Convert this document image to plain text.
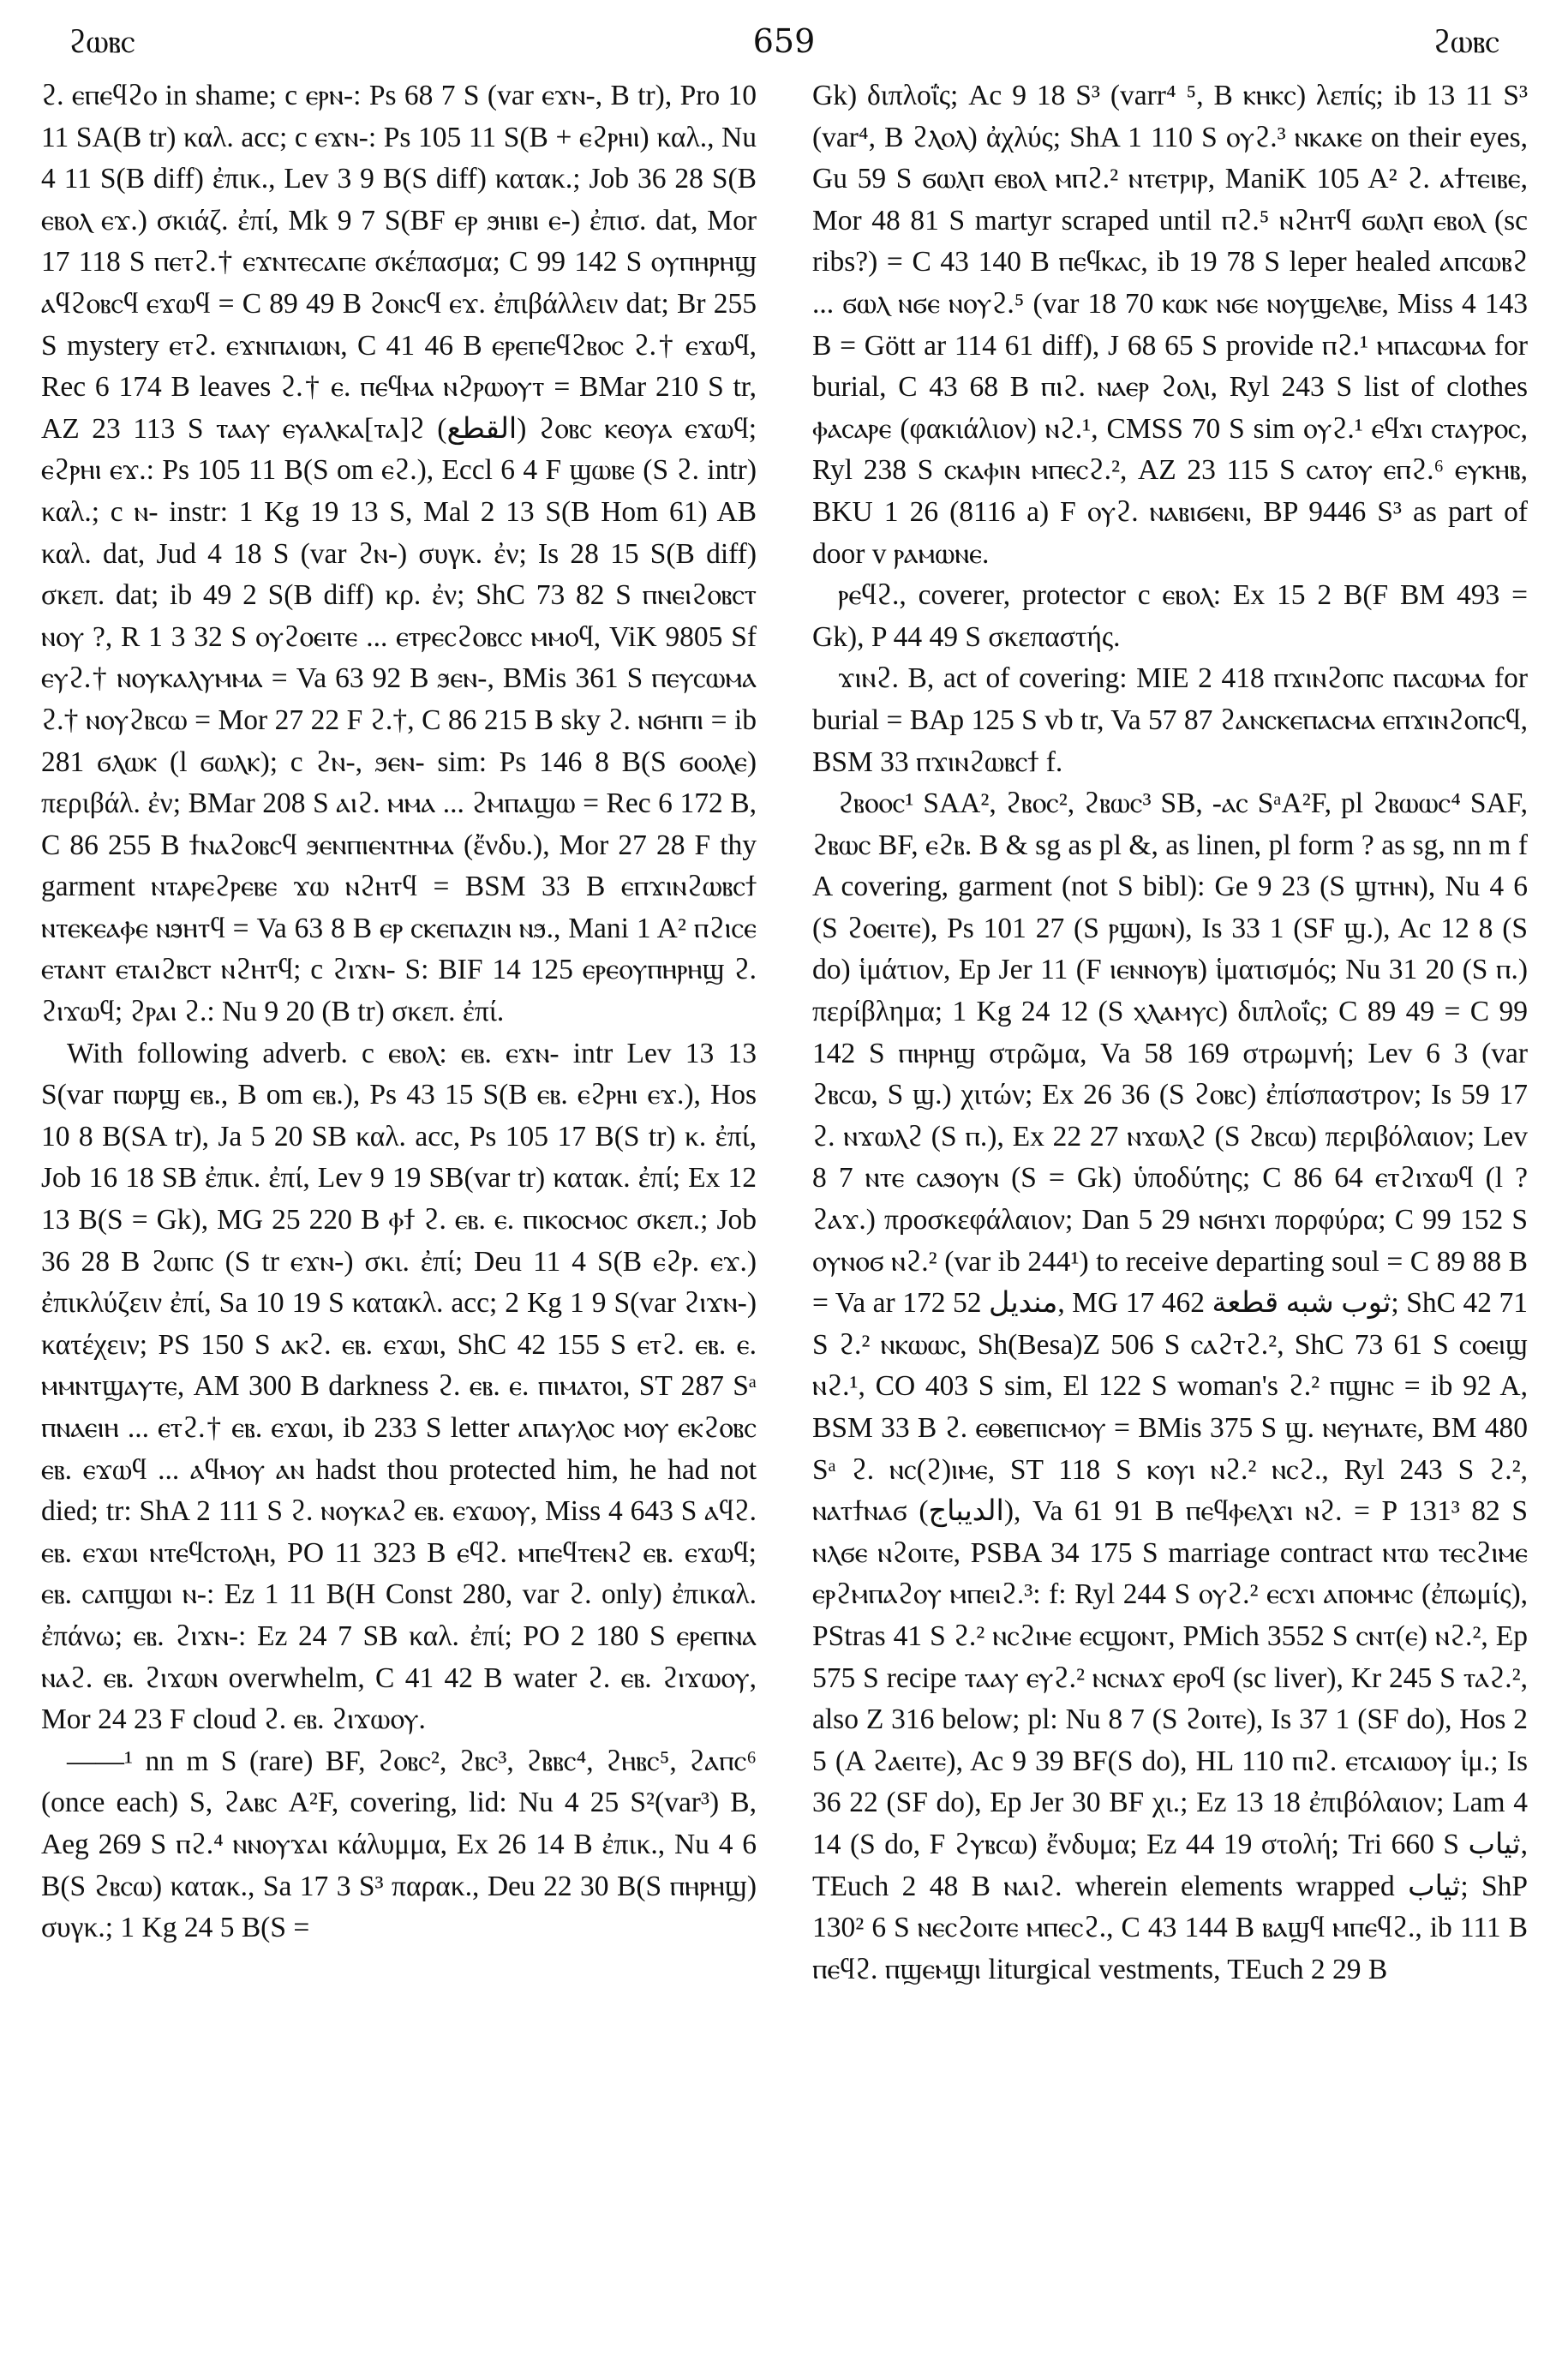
ϩⲱⲃⲥ	659	ϩⲱⲃⲥ

ϩ. ⲉⲡⲉϥϩⲟ in shame; c ⲉⲣⲛ-: Ps 68 7 S (var ⲉϫⲛ-, B tr), Pro 10 11 SA(B tr) καλ. acc; c ⲉϫⲛ-: Ps 105 11 S(B + ⲉϩⲣⲏⲓ) καλ., Nu 4 11 S(B diff) ἐπικ., Lev 3 9 B(S diff) κατακ.; Job 36 28 S(B ⲉⲃⲟⲗ ⲉϫ.) σκιάζ. ἐπί, Mk 9 7 S(BF ⲉⲣ ϧⲏⲓⲃⲓ ⲉ-) ἐπισ. dat, Mor 17 118 S ⲡⲉⲧϩ.† ⲉϫⲛⲧⲉⲥⲁⲡⲉ σκέπασμα; C 99 142 S ⲟⲩⲡⲏⲣⲏϣ ⲁϥϩⲟⲃⲥϥ ⲉϫⲱϥ = C 89 49 B ϩⲟⲛⲥϥ ⲉϫ. ἐπιβάλλειν dat; Br 255 S mystery ⲉⲧϩ. ⲉϫⲛⲡⲁⲓⲱⲛ, C 41 46 B ⲉⲣⲉⲡⲉϥϩⲃⲟⲥ ϩ.† ⲉϫⲱϥ, Rec 6 174 B leaves ϩ.† ⲉ. ⲡⲉϥⲙⲁ ⲛϩⲣⲱⲟⲩⲧ = BMar 210 S tr, AZ 23 113 S ⲧⲁⲁⲩ ⲉⲩⲁⲗⲕⲁ[ⲧⲁ]ϩ (القطع) ϩⲟⲃⲥ ⲕⲉⲟⲩⲁ ⲉϫⲱϥ; ⲉϩⲣⲏⲓ ⲉϫ.: Ps 105 11 B(S om ⲉϩ.), Eccl 6 4 F ϣⲱⲃⲉ (S ϩ. intr) καλ.; c ⲛ- instr: 1 Kg 19 13 S, Mal 2 13 S(B Hom 61) AB καλ. dat, Jud 4 18 S (var ϩⲛ-) συγκ. ἐν; Is 28 15 S(B diff) σκεπ. dat; ib 49 2 S(B diff) κρ. ἐν; ShC 73 82 S ⲡⲛⲉⲓϩⲟⲃⲥⲧ ⲛⲟⲩ ?, R 1 3 32 S ⲟⲩϩⲟⲉⲓⲧⲉ ... ⲉⲧⲣⲉⲥϩⲟⲃⲥⲥ ⲙⲙⲟϥ, ViK 9805 Sf ⲉⲩϩ.† ⲛⲟⲩⲕⲁⲗⲩⲙⲙⲁ = Va 63 92 B ϧⲉⲛ-, BMis 361 S ⲡⲉⲩⲥⲱⲙⲁ ϩ.† ⲛⲟⲩϩⲃⲥⲱ = Mor 27 22 F ϩ.†, C 86 215 B sky ϩ. ⲛϭⲏⲡⲓ = ib 281 ϭⲗⲱⲕ (l ϭⲱⲗⲕ); c ϩⲛ-, ϧⲉⲛ- sim: Ps 146 8 B(S ϭⲟⲟⲗⲉ) περιβάλ. ἐν; BMar 208 S ⲁⲓϩ. ⲙⲙⲁ ... ϩⲙⲡⲁϣⲱ = Rec 6 172 B, C 86 255 B ϯⲛⲁϩⲟⲃⲥϥ ϧⲉⲛⲡⲓⲉⲛⲧⲏⲙⲁ (ἔνδυ.), Mor 27 28 F thy garment ⲛⲧⲁⲣⲉϩⲣⲉⲃⲉ ϫⲱ ⲛϩⲏⲧϥ = BSM 33 B ⲉⲡϫⲓⲛϩⲱⲃⲥϯ ⲛⲧⲉⲕⲉⲁⲫⲉ ⲛϧⲏⲧϥ = Va 63 8 B ⲉⲣ ⲥⲕⲉⲡⲁⲍⲓⲛ ⲛϧ., Mani 1 A² ⲡϩⲓⲥⲉ ⲉⲧⲁⲛⲧ ⲉⲧⲁⲓϩⲃⲥⲧ ⲛϩⲏⲧϥ; c ϩⲓϫⲛ- S: BIF 14 125 ⲉⲣⲉⲟⲩⲡⲏⲣⲏϣ ϩ. ϩⲓϫⲱϥ; ϩⲣⲁⲓ ϩ.: Nu 9 20 (B tr) σκεπ. ἐπί.

With following adverb. c ⲉⲃⲟⲗ: ⲉⲃ. ⲉϫⲛ- intr Lev 13 13 S(var ⲡⲱⲣϣ ⲉⲃ., B om ⲉⲃ.), Ps 43 15 S(B ⲉⲃ. ⲉϩⲣⲏⲓ ⲉϫ.), Hos 10 8 B(SA tr), Ja 5 20 SB καλ. acc, Ps 105 17 B(S tr) κ. ἐπί, Job 16 18 SB ἐπικ. ἐπί, Lev 9 19 SB(var tr) κατακ. ἐπί; Ex 12 13 B(S = Gk), MG 25 220 B ⲫϯ ϩ. ⲉⲃ. ⲉ. ⲡⲓⲕⲟⲥⲙⲟⲥ σκεπ.; Job 36 28 B ϩⲱⲡⲥ (S tr ⲉϫⲛ-) σκι. ἐπί; Deu 11 4 S(B ⲉϩⲣ. ⲉϫ.) ἐπικλύζειν ἐπί, Sa 10 19 S κατακλ. acc; 2 Kg 1 9 S(var ϩⲓϫⲛ-) κατέχειν; PS 150 S ⲁⲕϩ. ⲉⲃ. ⲉϫⲱⲓ, ShC 42 155 S ⲉⲧϩ. ⲉⲃ. ⲉ. ⲙⲙⲛⲧϣⲁⲩⲧⲉ, AM 300 B darkness ϩ. ⲉⲃ. ⲉ. ⲡⲓⲙⲁⲧⲟⲓ, ST 287 Sᵃ ⲡⲛⲁⲉⲓⲏ ... ⲉⲧϩ.† ⲉⲃ. ⲉϫⲱⲓ, ib 233 S letter ⲁⲡⲁⲩⲗⲟⲥ ⲙⲟⲩ ⲉⲕϩⲟⲃⲥ ⲉⲃ. ⲉϫⲱϥ ... ⲁϥⲙⲟⲩ ⲁⲛ hadst thou protected him, he had not died; tr: ShA 2 111 S ϩ. ⲛⲟⲩⲕⲁϩ ⲉⲃ. ⲉϫⲱⲟⲩ, Miss 4 643 S ⲁϥϩ. ⲉⲃ. ⲉϫⲱⲓ ⲛⲧⲉϥⲥⲧⲟⲗⲏ, PO 11 323 B ⲉϥϩ. ⲙⲡⲉϥⲧⲉⲛϩ ⲉⲃ. ⲉϫⲱϥ; ⲉⲃ. ⲥⲁⲡϣⲱⲓ ⲛ-: Ez 1 11 B(H Const 280, var ϩ. only) ἐπικαλ. ἐπάνω; ⲉⲃ. ϩⲓϫⲛ-: Ez 24 7 SB καλ. ἐπί; PO 2 180 S ⲉⲣⲉⲡⲛⲁ ⲛⲁϩ. ⲉⲃ. ϩⲓϫⲱⲛ overwhelm, C 41 42 B water ϩ. ⲉⲃ. ϩⲓϫⲱⲟⲩ, Mor 24 23 F cloud ϩ. ⲉⲃ. ϩⲓϫⲱⲟⲩ.

——¹ nn m S (rare) BF, ϩⲟⲃⲥ², ϩⲃⲥ³, ϩⲃⲃⲥ⁴, ϩⲏⲃⲥ⁵, ϩⲁⲡⲥ⁶ (once each) S, ϩⲁⲃⲥ A²F, covering, lid: Nu 4 25 S²(var³) B, Aeg 269 S ⲡϩ.⁴ ⲛⲛⲟⲩϫⲁⲓ κάλυμμα, Ex 26 14 B ἐπικ., Nu 4 6 B(S ϩⲃⲥⲱ) κατακ., Sa 17 3 S³ παρακ., Deu 22 30 B(S ⲡⲏⲣⲏϣ) συγκ.; 1 Kg 24 5 B(S =

Gk) διπλοΐς; Ac 9 18 S³ (varr⁴ ⁵, B ⲕⲏⲕⲥ) λεπίς; ib 13 11 S³ (var⁴, B ϩⲗⲟⲗ) ἀχλύς; ShA 1 110 S ⲟⲩϩ.³ ⲛⲕⲁⲕⲉ on their eyes, Gu 59 S ϭⲱⲗⲡ ⲉⲃⲟⲗ ⲙⲡϩ.² ⲛⲧⲉⲧⲣⲓⲣ, ManiK 105 A² ϩ. ⲁϯⲧⲉⲓⲃⲉ, Mor 48 81 S martyr scraped until ⲡϩ.⁵ ⲛϩⲏⲧϥ ϭⲱⲗⲡ ⲉⲃⲟⲗ (sc ribs?) = C 43 140 B ⲡⲉϥⲕⲁⲥ, ib 19 78 S leper healed ⲁⲡⲥⲱⲃϩ ... ϭⲱⲗ ⲛϭⲉ ⲛⲟⲩϩ.⁵ (var 18 70 ⲕⲱⲕ ⲛϭⲉ ⲛⲟⲩϣⲉⲗⲃⲉ, Miss 4 143 B = Gött ar 114 61 diff), J 68 65 S provide ⲡϩ.¹ ⲙⲡⲁⲥⲱⲙⲁ for burial, C 43 68 B ⲡⲓϩ. ⲛⲁⲉⲣ ϩⲟⲗⲓ, Ryl 243 S list of clothes ⲫⲁⲥⲁⲣⲉ (φακιάλιον) ⲛϩ.¹, CMSS 70 S sim ⲟⲩϩ.¹ ⲉϥϫⲓ ⲥⲧⲁⲩⲣⲟⲥ, Ryl 238 S ⲥⲕⲁⲫⲓⲛ ⲙⲡⲉⲥϩ.², AZ 23 115 S ⲥⲁⲧⲟⲩ ⲉⲡϩ.⁶ ⲉⲩⲕⲏⲃ, BKU 1 26 (8116 a) F ⲟⲩϩ. ⲛⲁⲃⲓϭⲉⲛⲓ, BP 9446 S³ as part of door v ⲣⲁⲙⲱⲛⲉ.

ⲣⲉϥϩ., coverer, protector c ⲉⲃⲟⲗ: Ex 15 2 B(F BM 493 = Gk), P 44 49 S σκεπαστής.

ϫⲓⲛϩ. B, act of covering: MIE 2 418 ⲡϫⲓⲛϩⲟⲡⲥ ⲡⲁⲥⲱⲙⲁ for burial = BAp 125 S vb tr, Va 57 87 ϩⲁⲛⲥⲕⲉⲡⲁⲥⲙⲁ ⲉⲡϫⲓⲛϩⲟⲡⲥϥ, BSM 33 ⲡϫⲓⲛϩⲱⲃⲥϯ f.

ϩⲃⲟⲟⲥ¹ SAA², ϩⲃⲟⲥ², ϩⲃⲱⲥ³ SB, -ⲁⲥ SᵃA²F, pl ϩⲃⲱⲱⲥ⁴ SAF, ϩⲃⲱⲥ BF, ⲉϩⲃ. B & sg as pl &, as linen, pl form ? as sg, nn m f A covering, garment (not S bibl): Ge 9 23 (S ϣⲧⲏⲛ), Nu 4 6 (S ϩⲟⲉⲓⲧⲉ), Ps 101 27 (S ⲣϣⲱⲛ), Is 33 1 (SF ϣ.), Ac 12 8 (S do) ἱμάτιον, Ep Jer 11 (F ⲓⲉⲛⲛⲟⲩⲃ) ἱματισμός; Nu 31 20 (S ⲡ.) περίβλημα; 1 Kg 24 12 (S ⲭⲗⲁⲙⲩⲥ) διπλοΐς; C 89 49 = C 99 142 S ⲡⲏⲣⲏϣ στρῶμα, Va 58 169 στρωμνή; Lev 6 3 (var ϩⲃⲥⲱ, S ϣ.) χιτών; Ex 26 36 (S ϩⲟⲃⲥ) ἐπίσπαστρον; Is 59 17 ϩ. ⲛϫⲱⲗϩ (S ⲡ.), Ex 22 27 ⲛϫⲱⲗϩ (S ϩⲃⲥⲱ) περιβόλαιον; Lev 8 7 ⲛⲧⲉ ⲥⲁϧⲟⲩⲛ (S = Gk) ὑποδύτης; C 86 64 ⲉⲧϩⲓϫⲱϥ (l ? ϩⲁϫ.) προσκεφάλαιον; Dan 5 29 ⲛϭⲏϫⲓ πορφύρα; C 99 152 S ⲟⲩⲛⲟϭ ⲛϩ.² (var ib 244¹) to receive departing soul = C 89 88 B = Va ar 172 52 منديل, MG 17 462 ثوب شبه قطعة; ShC 42 71 S ϩ.² ⲛⲕⲱⲱⲥ, Sh(Besa)Z 506 S ⲥⲁϩⲧϩ.², ShC 73 61 S ⲥⲟⲉⲓϣ ⲛϩ.¹, CO 403 S sim, El 122 S woman's ϩ.² ⲡϣⲏⲥ = ib 92 A, BSM 33 B ϩ. ⲉⲑⲃⲉⲡⲓⲥⲙⲟⲩ = BMis 375 S ϣ. ⲛⲉⲩⲏⲁⲧⲉ, BM 480 Sᵃ ϩ. ⲛⲥ(ϩ)ⲓⲙⲉ, ST 118 S ⲕⲟⲩⲓ ⲛϩ.² ⲛⲥϩ., Ryl 243 S ϩ.², ⲛⲁⲧϯⲛⲁϭ (الديباج), Va 61 91 B ⲡⲉϥⲫⲉⲗϫⲓ ⲛϩ. = P 131³ 82 S ⲛⲗϭⲉ ⲛϩⲟⲓⲧⲉ, PSBA 34 175 S marriage contract ⲛⲧⲱ ⲧⲉⲥϩⲓⲙⲉ ⲉⲣϩⲙⲡⲁϩⲟⲩ ⲙⲡⲉⲓϩ.³: f: Ryl 244 S ⲟⲩϩ.² ⲉⲥϫⲓ ⲁⲡⲟⲙⲙⲥ (ἐπωμίς), PStras 41 S ϩ.² ⲛⲥϩⲓⲙⲉ ⲉⲥϣⲟⲛⲧ, PMich 3552 S ⲥⲛⲧ(ⲉ) ⲛϩ.², Ep 575 S recipe ⲧⲁⲁⲩ ⲉⲩϩ.² ⲛⲥⲛⲁϫ ⲉⲣⲟϥ (sc liver), Kr 245 S ⲧⲁϩ.², also Z 316 below; pl: Nu 8 7 (S ϩⲟⲓⲧⲉ), Is 37 1 (SF do), Hos 2 5 (A ϩⲁⲉⲓⲧⲉ), Ac 9 39 BF(S do), HL 110 ⲡⲓϩ. ⲉⲧⲥⲁⲓⲱⲟⲩ ἱμ.; Is 36 22 (SF do), Ep Jer 30 BF χι.; Ez 13 18 ἐπιβόλαιον; Lam 4 14 (S do, F ϩⲩⲃⲥⲱ) ἔνδυμα; Ez 44 19 στολή; Tri 660 S ثياب, TEuch 2 48 B ⲛⲁⲓϩ. wherein elements wrapped ثياب; ShP 130² 6 S ⲛⲉⲥϩⲟⲓⲧⲉ ⲙⲡⲉⲥϩ., C 43 144 B ⲃⲁϣϥ ⲙⲡⲉϥϩ., ib 111 B ⲡⲉϥϩ. ⲡϣⲉⲙϣⲓ liturgical vestments, TEuch 2 29 B
